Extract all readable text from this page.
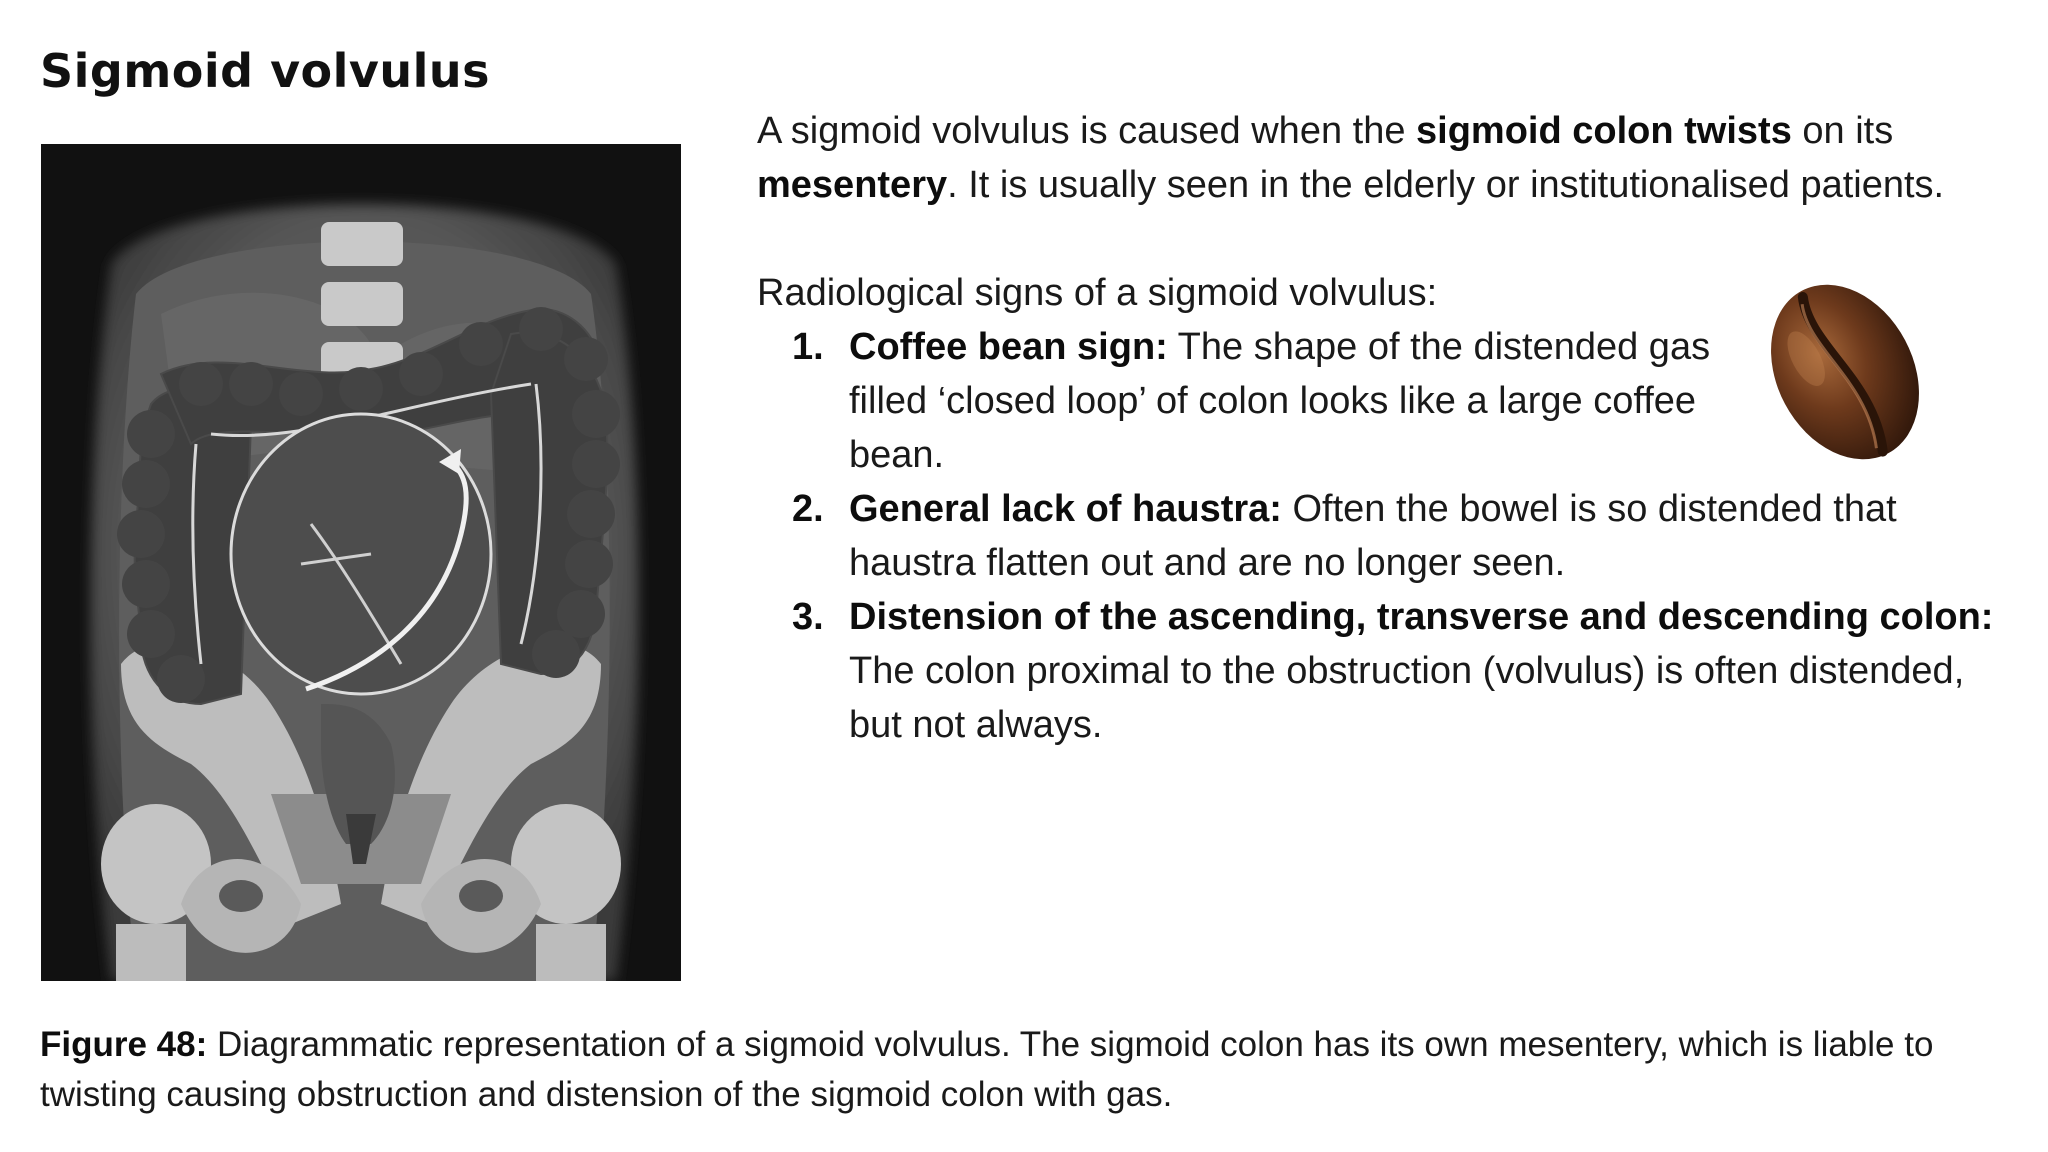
Sigmoid volvulus

A sigmoid volvulus is caused when the sigmoid colon twists on its mesentery. It is usually seen in the elderly or institutionalised patients.

Radiological signs of a sigmoid volvulus:

1. Coffee bean sign: The shape of the distended gas filled ‘closed loop’ of colon looks like a large coffee bean.
2. General lack of haustra: Often the bowel is so distended that haustra flatten out and are no longer seen.
3. Distension of the ascending, transverse and descending colon: The colon proximal to the obstruction (volvulus) is often distended, but not always.

Figure 48: Diagrammatic representation of a sigmoid volvulus. The sigmoid colon has its own mesentery, which is liable to twisting causing obstruction and distension of the sigmoid colon with gas.
